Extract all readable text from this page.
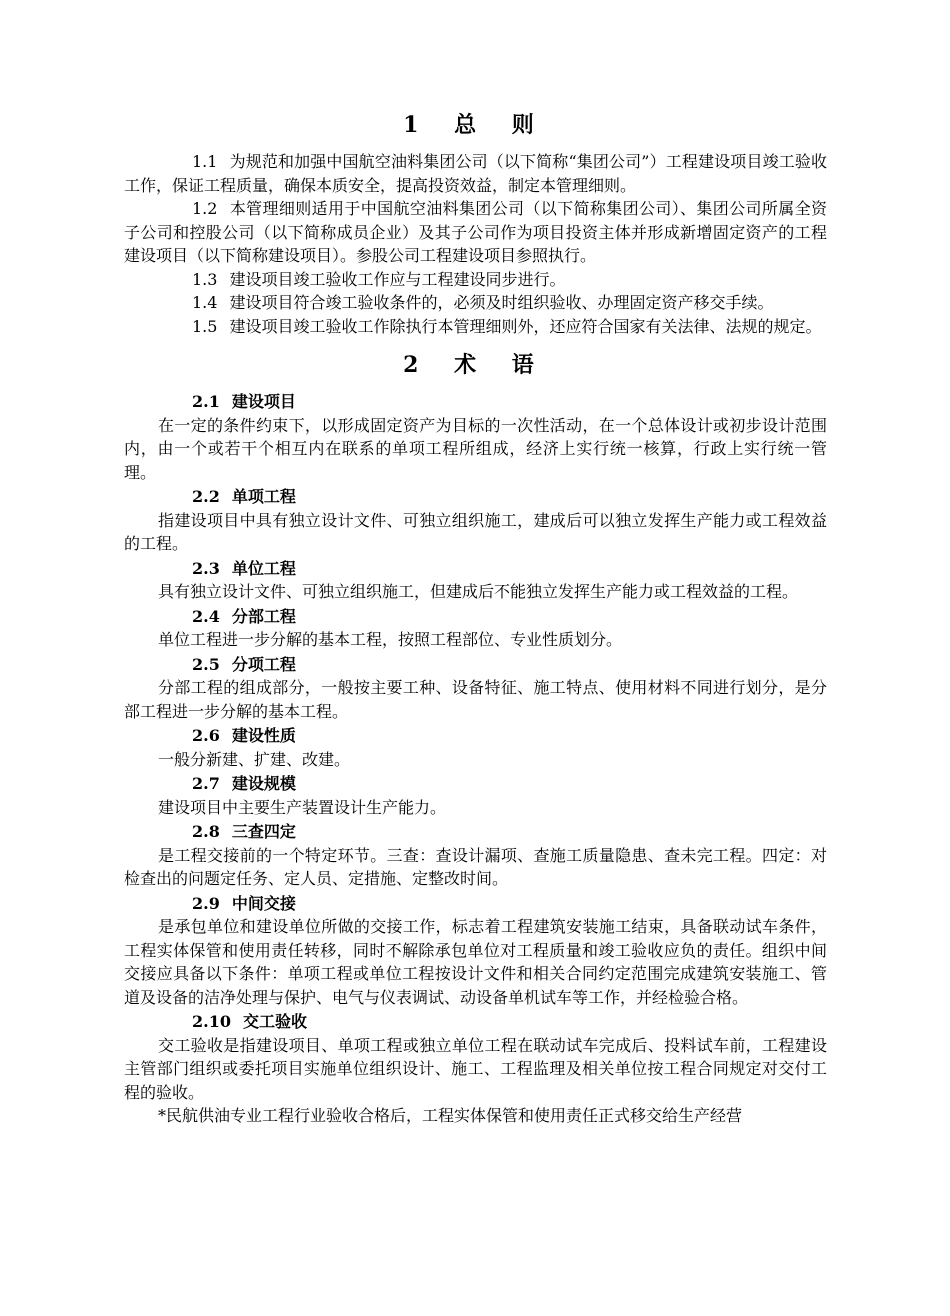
1 总 则

1.1 为规范和加强中国航空油料集团公司（以下简称“集团公司”）工程建设项目竣工验收工作，保证工程质量，确保本质安全，提高投资效益，制定本管理细则。

1.2 本管理细则适用于中国航空油料集团公司（以下简称集团公司）、集团公司所属全资子公司和控股公司（以下简称成员企业）及其子公司作为项目投资主体并形成新增固定资产的工程建设项目（以下简称建设项目）。参股公司工程建设项目参照执行。

1.3 建设项目竣工验收工作应与工程建设同步进行。

1.4 建设项目符合竣工验收条件的，必须及时组织验收、办理固定资产移交手续。

1.5 建设项目竣工验收工作除执行本管理细则外，还应符合国家有关法律、法规的规定。

2 术 语

2.1 建设项目

在一定的条件约束下，以形成固定资产为目标的一次性活动，在一个总体设计或初步设计范围内，由一个或若干个相互内在联系的单项工程所组成，经济上实行统一核算，行政上实行统一管理。

2.2 单项工程

指建设项目中具有独立设计文件、可独立组织施工，建成后可以独立发挥生产能力或工程效益的工程。

2.3 单位工程

具有独立设计文件、可独立组织施工，但建成后不能独立发挥生产能力或工程效益的工程。

2.4 分部工程

单位工程进一步分解的基本工程，按照工程部位、专业性质划分。

2.5 分项工程

分部工程的组成部分，一般按主要工种、设备特征、施工特点、使用材料不同进行划分，是分部工程进一步分解的基本工程。

2.6 建设性质

一般分新建、扩建、改建。

2.7 建设规模

建设项目中主要生产装置设计生产能力。

2.8 三查四定

是工程交接前的一个特定环节。三查：查设计漏项、查施工质量隐患、查未完工程。四定：对检查出的问题定任务、定人员、定措施、定整改时间。

2.9 中间交接

是承包单位和建设单位所做的交接工作，标志着工程建筑安装施工结束，具备联动试车条件，工程实体保管和使用责任转移，同时不解除承包单位对工程质量和竣工验收应负的责任。组织中间交接应具备以下条件：单项工程或单位工程按设计文件和相关合同约定范围完成建筑安装施工、管道及设备的洁净处理与保护、电气与仪表调试、动设备单机试车等工作，并经检验合格。

2.10 交工验收

交工验收是指建设项目、单项工程或独立单位工程在联动试车完成后、投料试车前，工程建设主管部门组织或委托项目实施单位组织设计、施工、工程监理及相关单位按工程合同规定对交付工程的验收。

*民航供油专业工程行业验收合格后，工程实体保管和使用责任正式移交给生产经营
